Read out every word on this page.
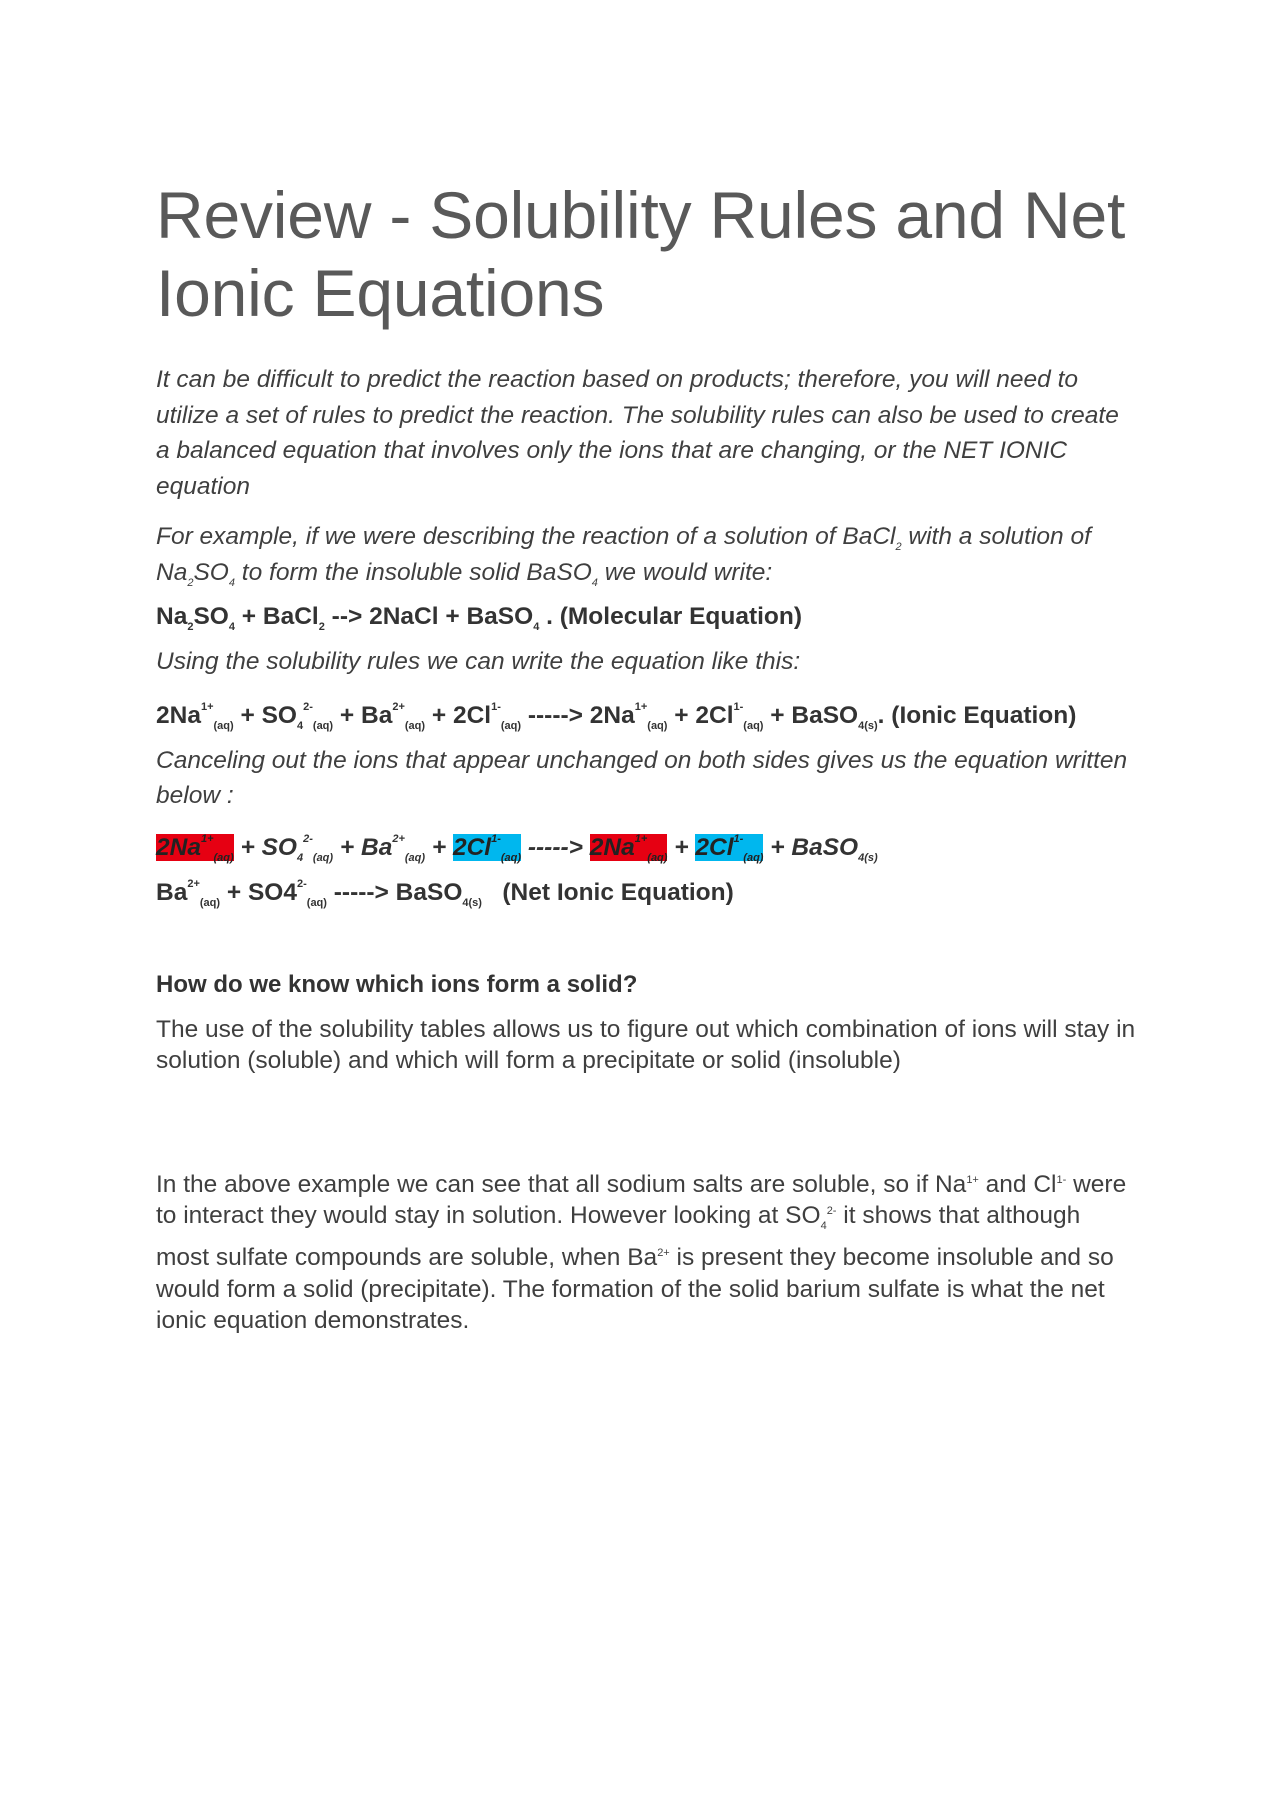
Review - Solubility Rules and Net
Ionic Equations

It can be difficult to predict the reaction based on products; therefore, you will need to utilize a set of rules to predict the reaction. The solubility rules can also be used to create a balanced equation that involves only the ions that are changing, or the NET IONIC equation

For example, if we were describing the reaction of a solution of BaCl$_2$ with a solution of $Na_2SO_4$ to form the insoluble solid BaSO$_4$ we would write:

$Na_2SO_4$ + BaCl$_2$ --> 2NaCl + BaSO$_4$ . (Molecular Equation)

Using the solubility rules we can write the equation like this:

$2Na^{1+}_{(aq)} + SO_4^{2-}_{(aq)} + Ba^{2+}_{(aq)} + 2Cl^{1-}_{(aq)}$ -----> $2Na^{1+}_{(aq)} + 2Cl^{1-}_{(aq)}$ + BaSO$_{4(s)}$. (Ionic Equation)

Canceling out the ions that appear unchanged on both sides gives us the equation written below :

$2Na^{1+}_{(aq)} + SO_4^{2-}_{(aq)} + Ba^{2+}_{(aq)} + 2Cl^{1-}_{(aq)}$ -----> $2Na^{1+}_{(aq)} + 2Cl^{1-}_{(aq)}$ + BaSO$_{4(s)}$

$Ba^{2+}_{(aq)} + SO4^{2-}_{(aq)}$ -----> BaSO$_{4(s)}$   (Net Ionic Equation)

How do we know which ions form a solid?

The use of the solubility tables allows us to figure out which combination of ions will stay in solution (soluble) and which will form a precipitate or solid (insoluble)

In the above example we can see that all sodium salts are soluble, so if $Na^{1+}$ and $Cl^{1-}$ were to interact they would stay in solution. However looking at $SO_4^{2-}$ it shows that although most sulfate compounds are soluble, when $Ba^{2+}$ is present they become insoluble and so would form a solid (precipitate). The formation of the solid barium sulfate is what the net ionic equation demonstrates.
